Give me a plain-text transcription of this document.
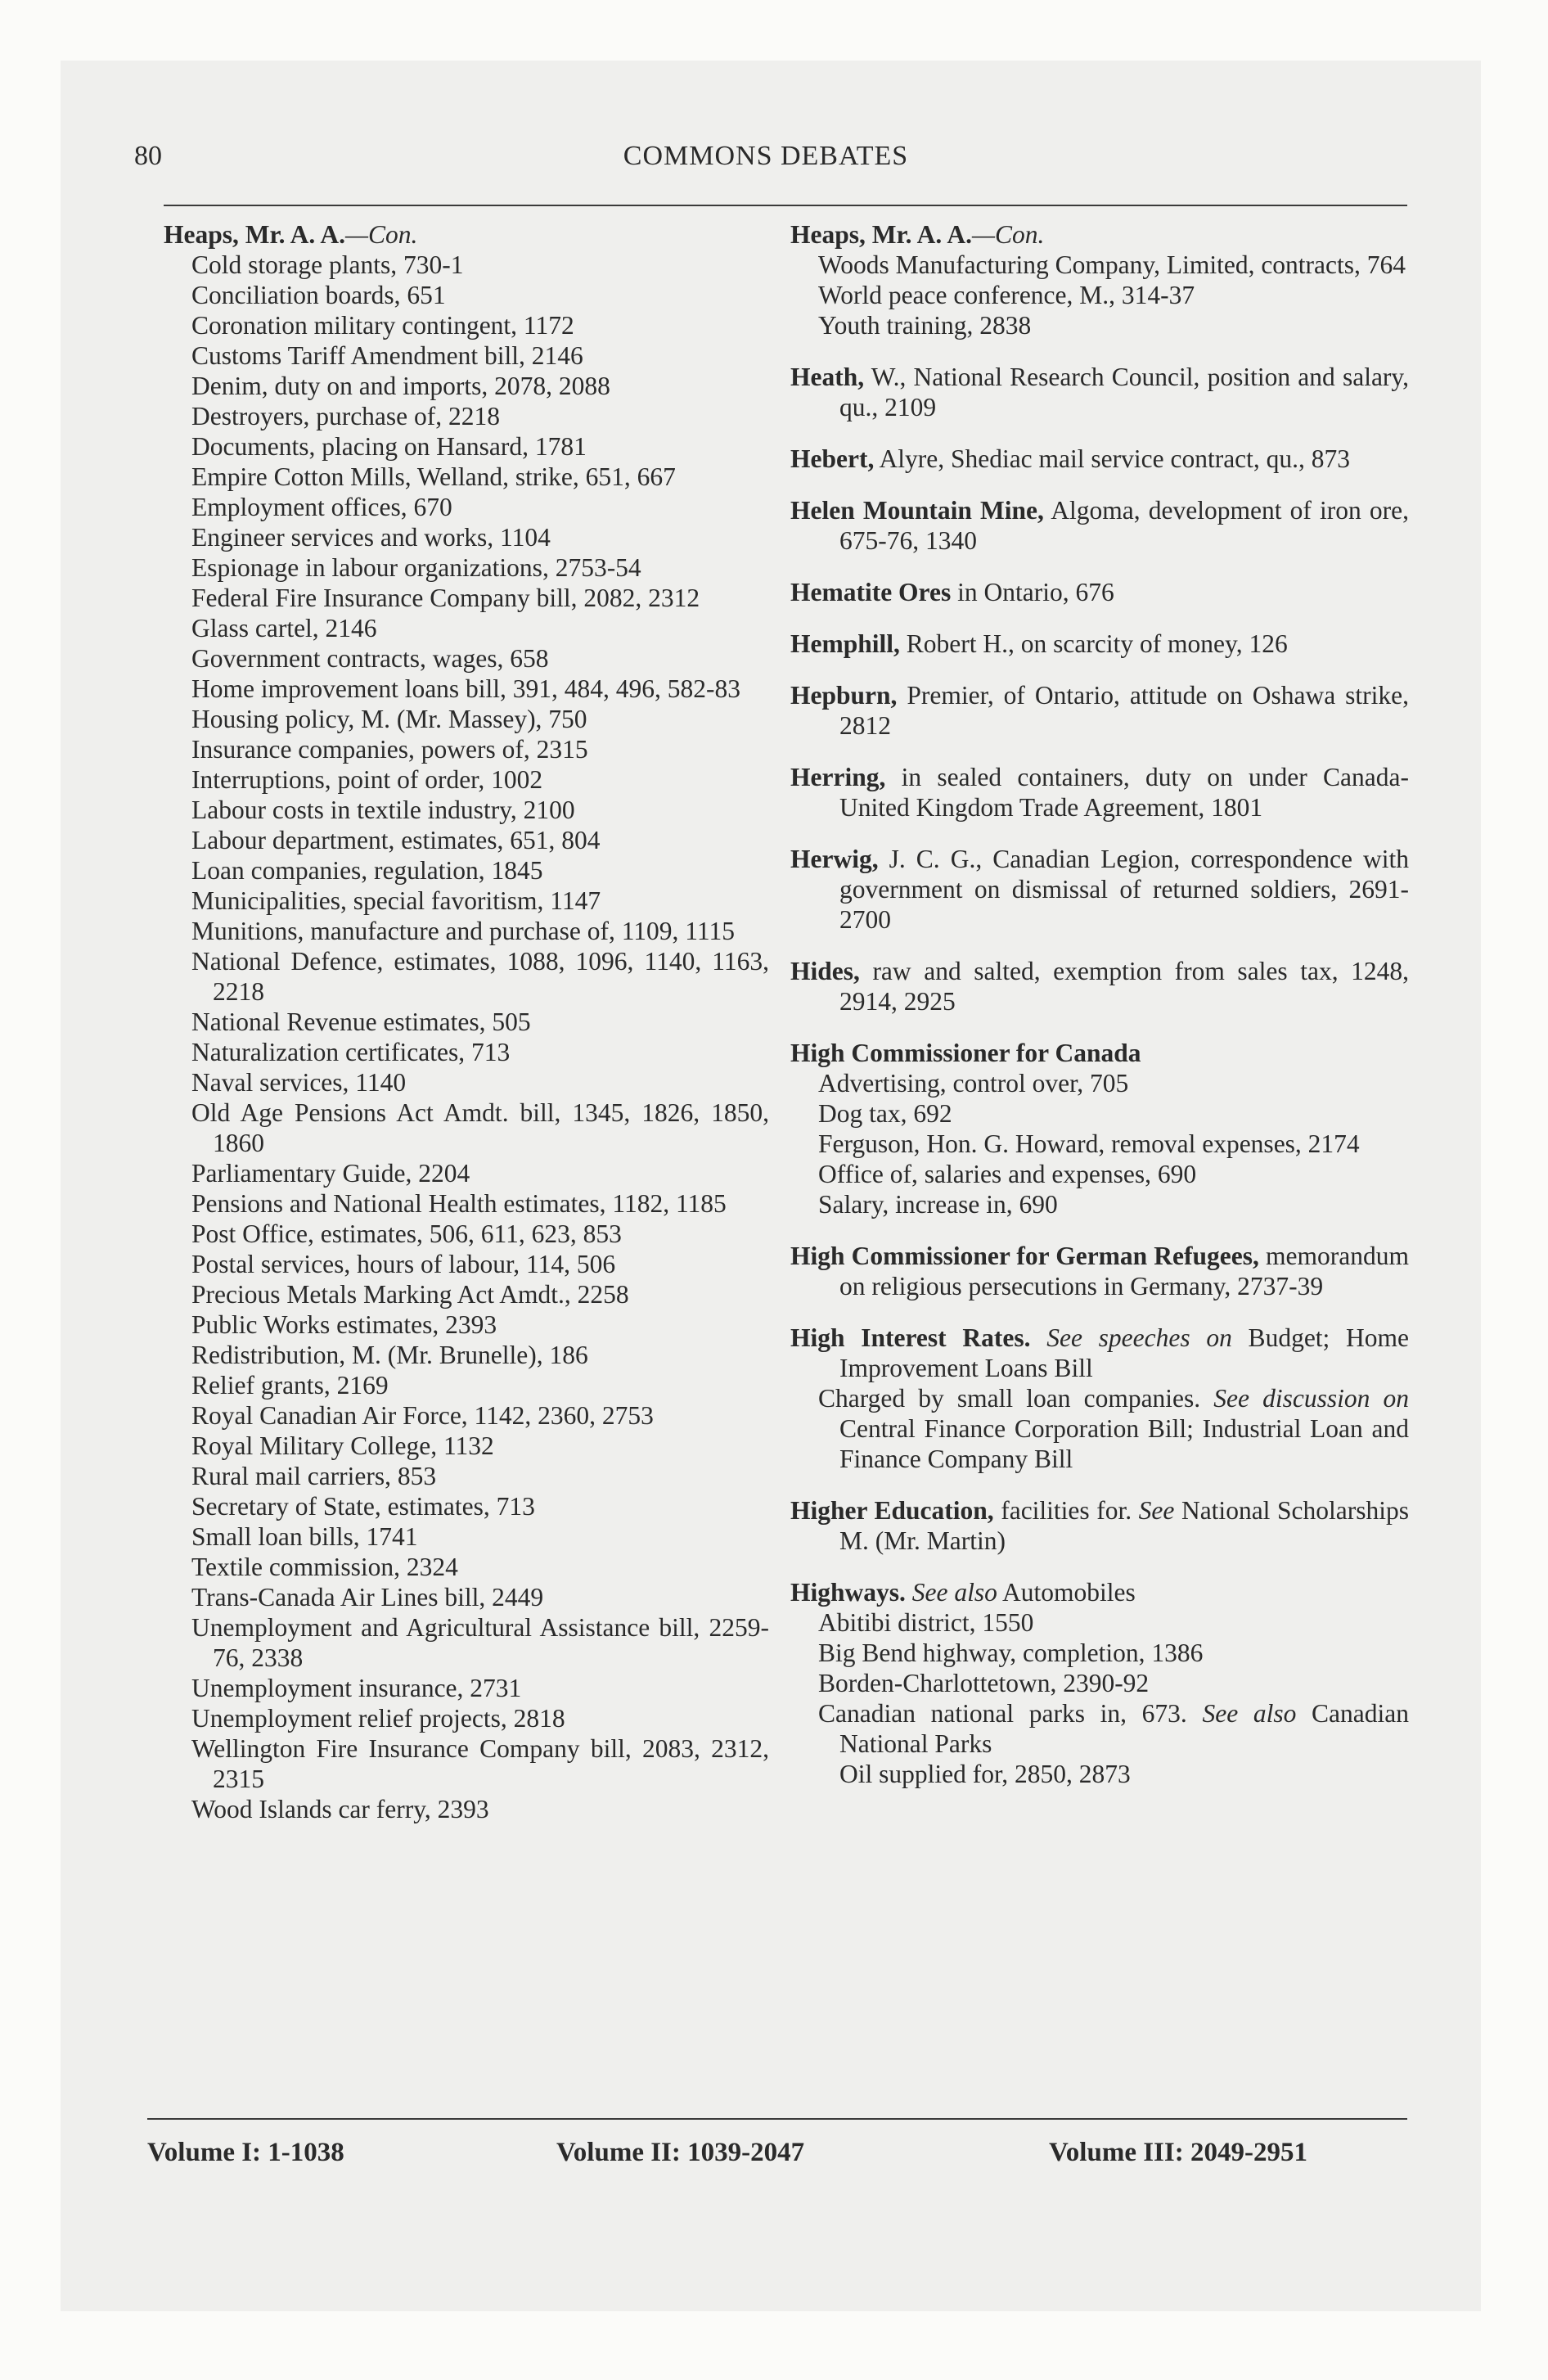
80	COMMONS DEBATES
Heaps, Mr. A. A.—Con.
Cold storage plants, 730-1
Conciliation boards, 651
Coronation military contingent, 1172
Customs Tariff Amendment bill, 2146
Denim, duty on and imports, 2078, 2088
Destroyers, purchase of, 2218
Documents, placing on Hansard, 1781
Empire Cotton Mills, Welland, strike, 651, 667
Employment offices, 670
Engineer services and works, 1104
Espionage in labour organizations, 2753-54
Federal Fire Insurance Company bill, 2082, 2312
Glass cartel, 2146
Government contracts, wages, 658
Home improvement loans bill, 391, 484, 496, 582-83
Housing policy, M. (Mr. Massey), 750
Insurance companies, powers of, 2315
Interruptions, point of order, 1002
Labour costs in textile industry, 2100
Labour department, estimates, 651, 804
Loan companies, regulation, 1845
Municipalities, special favoritism, 1147
Munitions, manufacture and purchase of, 1109, 1115
National Defence, estimates, 1088, 1096, 1140, 1163, 2218
National Revenue estimates, 505
Naturalization certificates, 713
Naval services, 1140
Old Age Pensions Act Amdt. bill, 1345, 1826, 1850, 1860
Parliamentary Guide, 2204
Pensions and National Health estimates, 1182, 1185
Post Office, estimates, 506, 611, 623, 853
Postal services, hours of labour, 114, 506
Precious Metals Marking Act Amdt., 2258
Public Works estimates, 2393
Redistribution, M. (Mr. Brunelle), 186
Relief grants, 2169
Royal Canadian Air Force, 1142, 2360, 2753
Royal Military College, 1132
Rural mail carriers, 853
Secretary of State, estimates, 713
Small loan bills, 1741
Textile commission, 2324
Trans-Canada Air Lines bill, 2449
Unemployment and Agricultural Assistance bill, 2259-76, 2338
Unemployment insurance, 2731
Unemployment relief projects, 2818
Wellington Fire Insurance Company bill, 2083, 2312, 2315
Wood Islands car ferry, 2393
Heaps, Mr. A. A.—Con.
Woods Manufacturing Company, Limited, contracts, 764
World peace conference, M., 314-37
Youth training, 2838
Heath, W., National Research Council, position and salary, qu., 2109
Hebert, Alyre, Shediac mail service contract, qu., 873
Helen Mountain Mine, Algoma, development of iron ore, 675-76, 1340
Hematite Ores in Ontario, 676
Hemphill, Robert H., on scarcity of money, 126
Hepburn, Premier, of Ontario, attitude on Oshawa strike, 2812
Herring, in sealed containers, duty on under Canada-United Kingdom Trade Agreement, 1801
Herwig, J. C. G., Canadian Legion, correspondence with government on dismissal of returned soldiers, 2691-2700
Hides, raw and salted, exemption from sales tax, 1248, 2914, 2925
High Commissioner for Canada
Advertising, control over, 705
Dog tax, 692
Ferguson, Hon. G. Howard, removal expenses, 2174
Office of, salaries and expenses, 690
Salary, increase in, 690
High Commissioner for German Refugees, memorandum on religious persecutions in Germany, 2737-39
High Interest Rates. See speeches on Budget; Home Improvement Loans Bill
Charged by small loan companies. See discussion on Central Finance Corporation Bill; Industrial Loan and Finance Company Bill
Higher Education, facilities for. See National Scholarships M. (Mr. Martin)
Highways. See also Automobiles
Abitibi district, 1550
Big Bend highway, completion, 1386
Borden-Charlottetown, 2390-92
Canadian national parks in, 673. See also Canadian National Parks
Oil supplied for, 2850, 2873
Volume I: 1-1038	Volume II: 1039-2047	Volume III: 2049-2951
